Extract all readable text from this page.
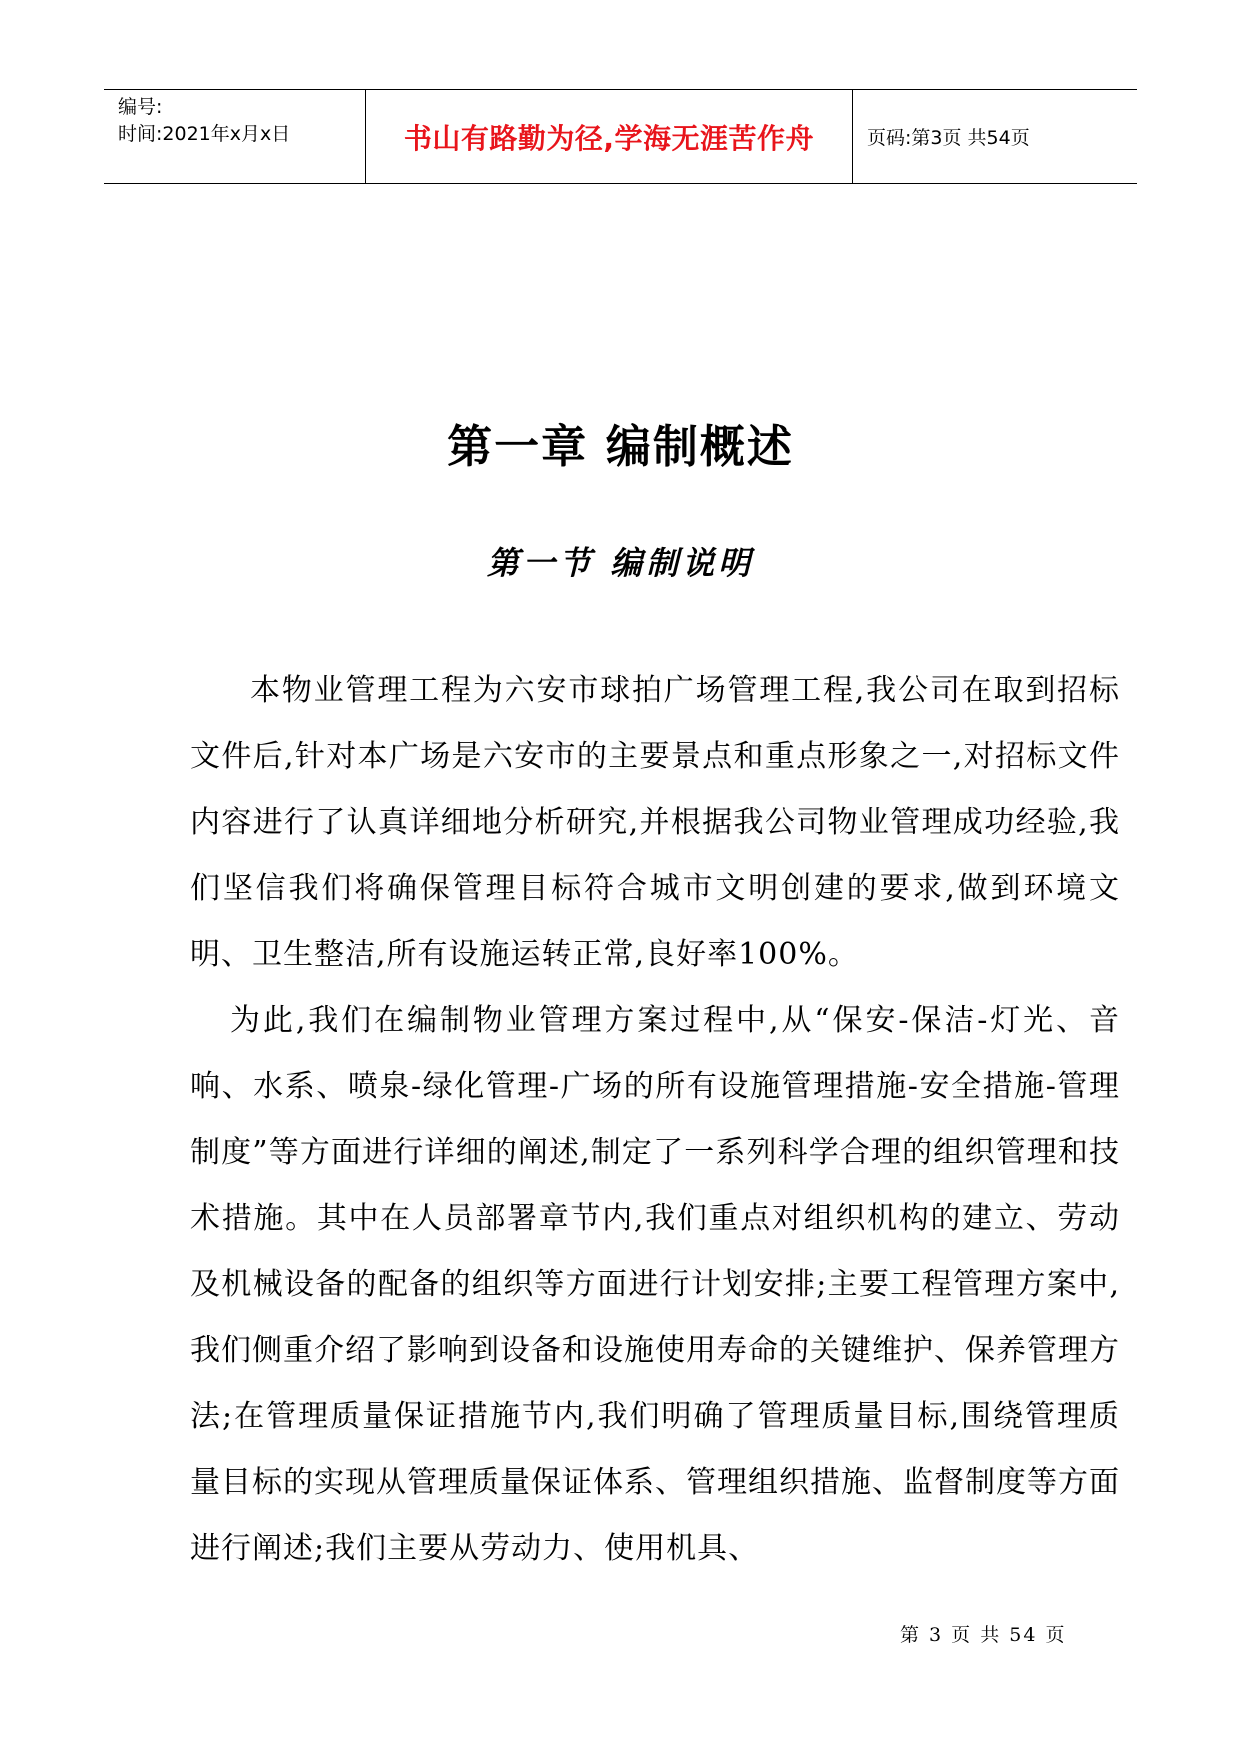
编号:
时间:2021年x月x日	书山有路勤为径,学海无涯苦作舟	页码:第3页 共54页
第一章 编制概述
第一节 编制说明

本物业管理工程为六安市球拍广场管理工程,我公司在取到招标文件后,针对本广场是六安市的主要景点和重点形象之一,对招标文件内容进行了认真详细地分析研究,并根据我公司物业管理成功经验,我们坚信我们将确保管理目标符合城市文明创建的要求,做到环境文明、卫生整洁,所有设施运转正常,良好率100%。

为此,我们在编制物业管理方案过程中,从“保安-保洁-灯光、音响、水系、喷泉-绿化管理-广场的所有设施管理措施-安全措施-管理制度”等方面进行详细的阐述,制定了一系列科学合理的组织管理和技术措施。其中在人员部署章节内,我们重点对组织机构的建立、劳动及机械设备的配备的组织等方面进行计划安排;主要工程管理方案中,我们侧重介绍了影响到设备和设施使用寿命的关键维护、保养管理方法;在管理质量保证措施节内,我们明确了管理质量目标,围绕管理质量目标的实现从管理质量保证体系、管理组织措施、监督制度等方面进行阐述;我们主要从劳动力、使用机具、

第 3 页 共 54 页
